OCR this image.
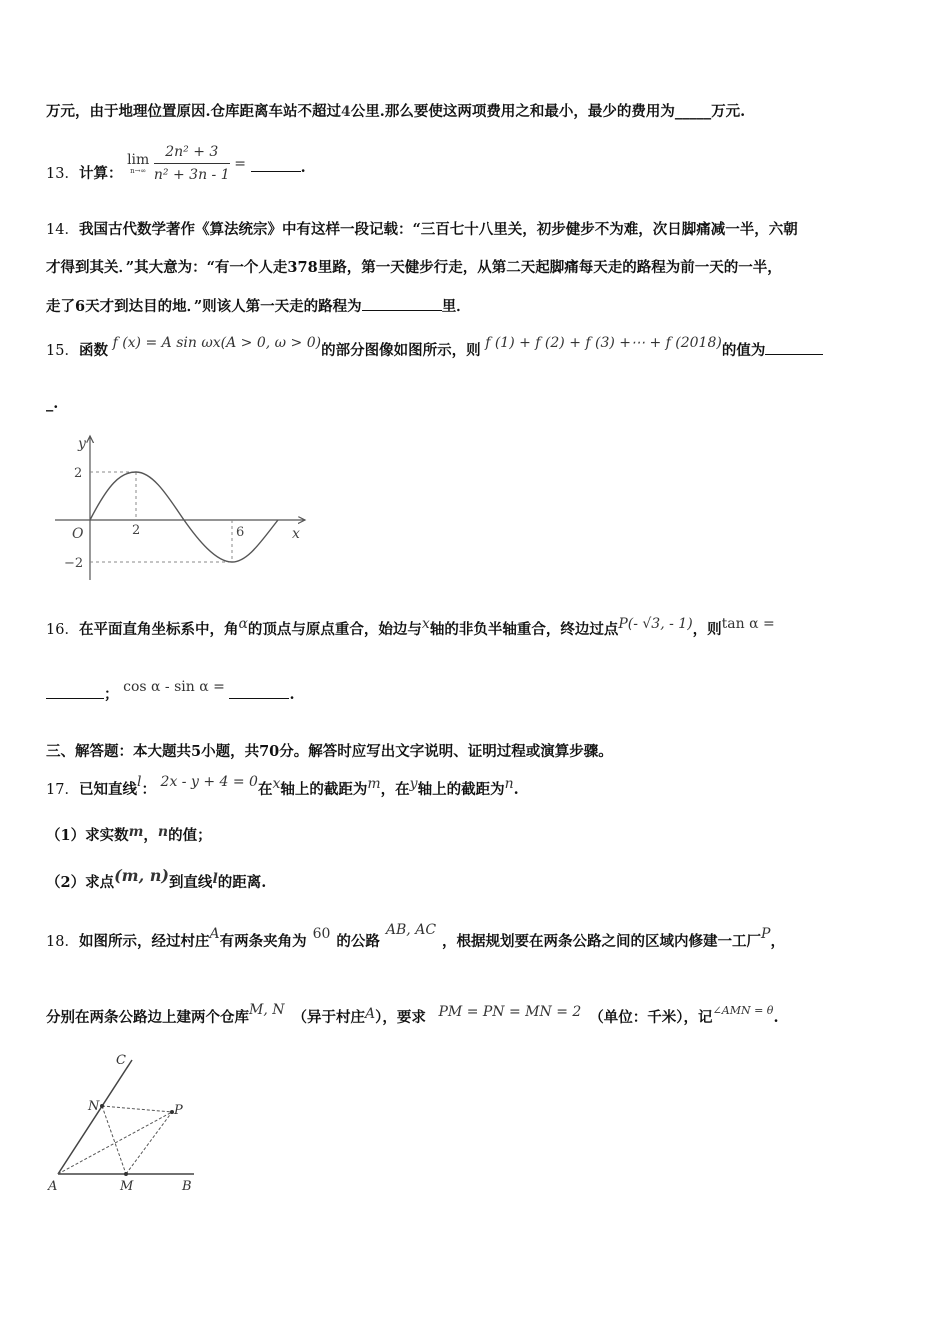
万元，由于地理位置原因.仓库距离车站不超过4公里.那么要使这两项费用之和最小，最少的费用为_____万元.
13．计算： lim
n→∞
$\frac{\text{2n² + 3}}{\text{n² + 3n - 1}}$ =	.
14．我国古代数学著作《算法统宗》中有这样一段记载：“三百七十八里关，初步健步不为难，次日脚痛减一半，六朝
才得到其关．”其大意为：“有一个人走378里路，第一天健步行走，从第二天起脚痛每天走的路程为前一天的一半，
走了6天才到达目的地．”则该人第一天走的路程为	里．
15．函数 f (x) = A sin ωx(A > 0, ω > 0)的部分图像如图所示，则 f (1) + f (2) + f (3) +⋯ + f (2018)的值为
_.
y
x
O	2	6
2
−2
16．在平面直角坐标系中，角α的顶点与原点重合，始边与x轴的非负半轴重合，终边过点P(- √3, - 1)，则tan α =
； cos α - sin α =	.
三、解答题：本大题共5小题，共70分。解答时应写出文字说明、证明过程或演算步骤。
17．已知直线l： 2x - y + 4 = 0在x轴上的截距为m，在y轴上的截距为n.
（1）求实数m，n的值；
（2）求点(m, n)到直线l的距离.
18．如图所示，经过村庄A有两条夹角为 60 的公路AB, AC，根据规划要在两条公路之间的区域内修建一工厂P，
分别在两条公路边上建两个仓库M, N （异于村庄A），要求 PM = PN = MN = 2 （单位：千米），记$^{\angle AMN = \theta}$.
C
N	P
A	M	B
